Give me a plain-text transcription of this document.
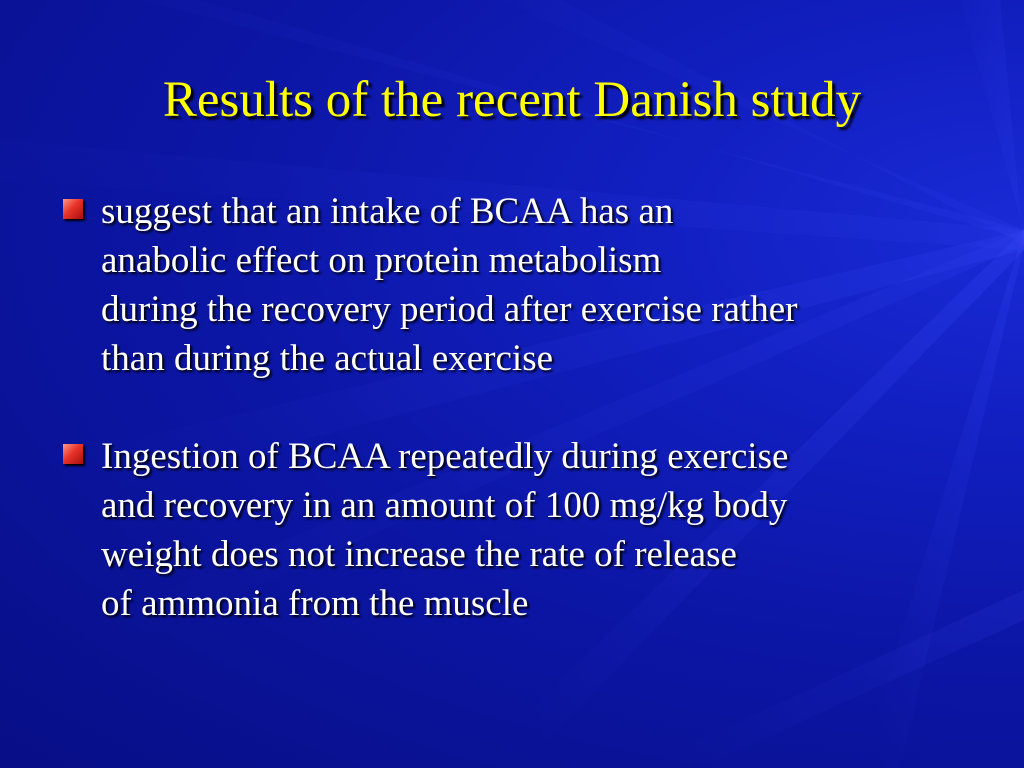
Results of the recent Danish study
suggest that an intake of BCAA has an
anabolic effect on protein metabolism
during the recovery period after exercise rather
than during the actual exercise
Ingestion of BCAA repeatedly during exercise
and recovery in an amount of 100 mg/kg body
weight does not increase the rate of release
of ammonia from the muscle
